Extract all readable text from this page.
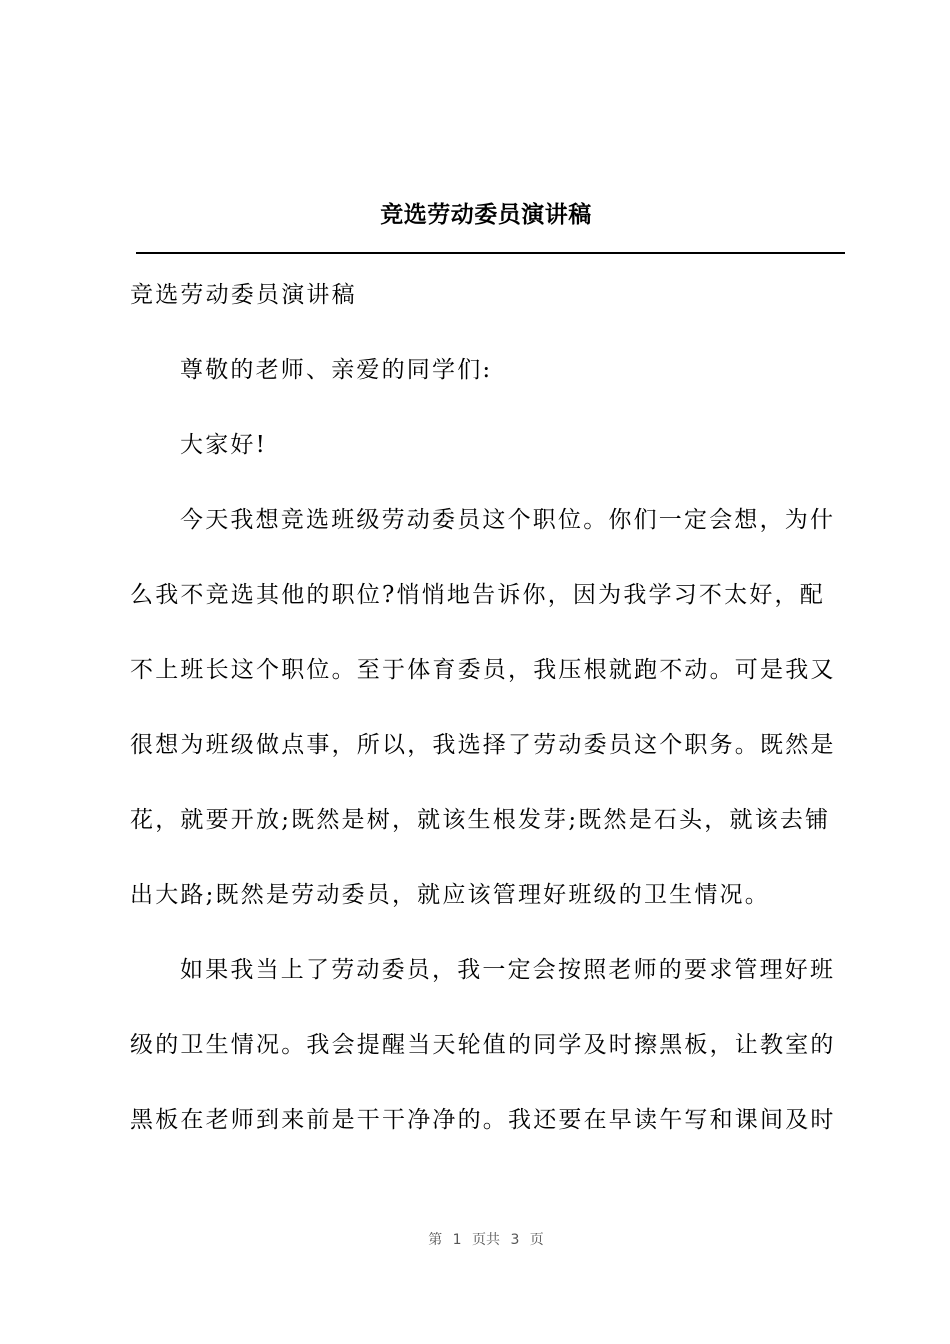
竞选劳动委员演讲稿
竞选劳动委员演讲稿
尊敬的老师、亲爱的同学们:
大家好!
今天我想竞选班级劳动委员这个职位。你们一定会想，为什
么我不竞选其他的职位?悄悄地告诉你，因为我学习不太好，配
不上班长这个职位。至于体育委员，我压根就跑不动。可是我又
很想为班级做点事，所以，我选择了劳动委员这个职务。既然是
花，就要开放;既然是树，就该生根发芽;既然是石头，就该去铺
出大路;既然是劳动委员，就应该管理好班级的卫生情况。
如果我当上了劳动委员，我一定会按照老师的要求管理好班
级的卫生情况。我会提醒当天轮值的同学及时擦黑板，让教室的
黑板在老师到来前是干干净净的。我还要在早读午写和课间及时
第 1 页共 3 页
